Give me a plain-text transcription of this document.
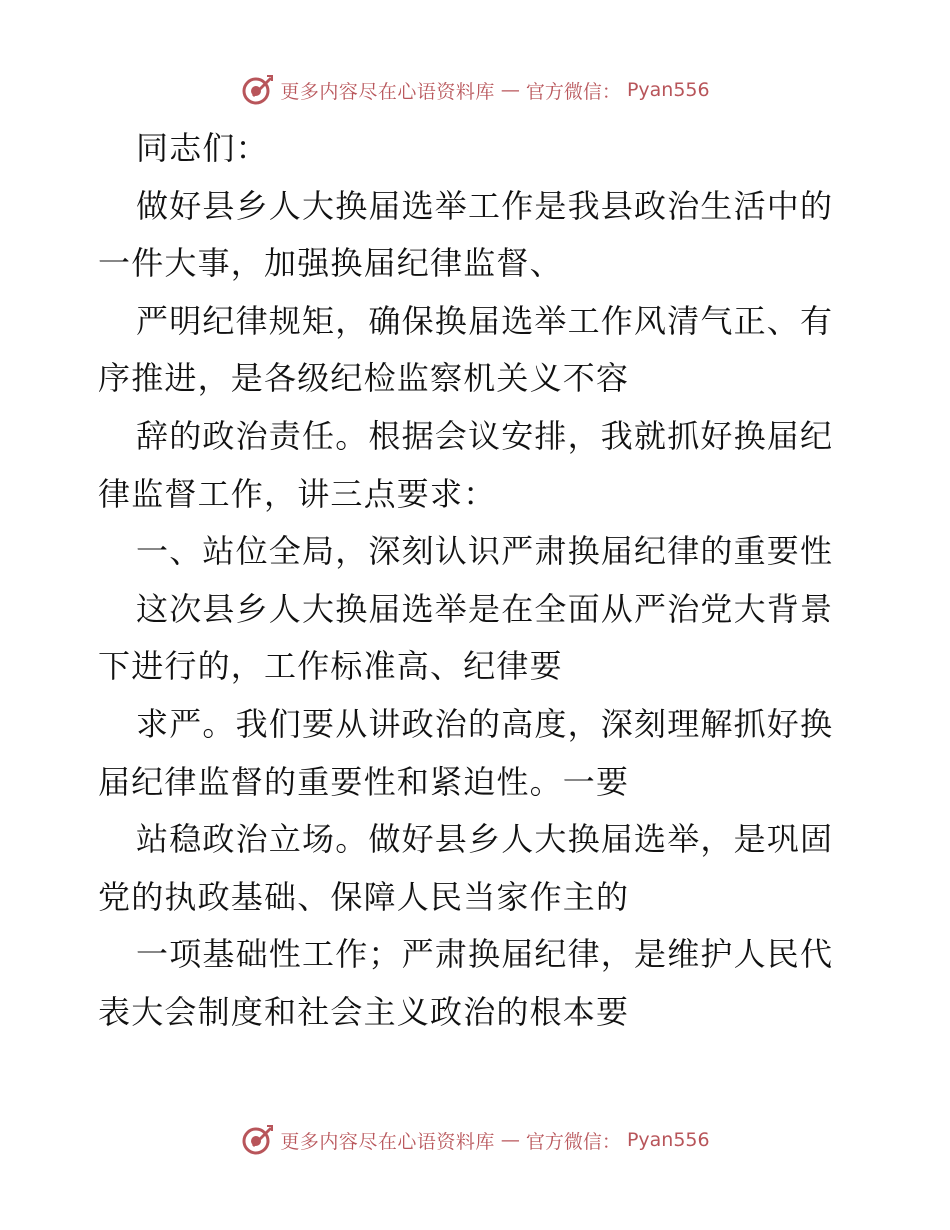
更多内容尽在心语资料库 — 官方微信： Pyan556
同志们：
做好县乡人大换届选举工作是我县政治生活中的
一件大事，加强换届纪律监督、
严明纪律规矩，确保换届选举工作风清气正、有
序推进，是各级纪检监察机关义不容
辞的政治责任。根据会议安排，我就抓好换届纪
律监督工作，讲三点要求：
一、站位全局，深刻认识严肃换届纪律的重要性
这次县乡人大换届选举是在全面从严治党大背景
下进行的，工作标准高、纪律要
求严。我们要从讲政治的高度，深刻理解抓好换
届纪律监督的重要性和紧迫性。一要
站稳政治立场。做好县乡人大换届选举，是巩固
党的执政基础、保障人民当家作主的
一项基础性工作；严肃换届纪律，是维护人民代
表大会制度和社会主义政治的根本要
更多内容尽在心语资料库 — 官方微信： Pyan556
